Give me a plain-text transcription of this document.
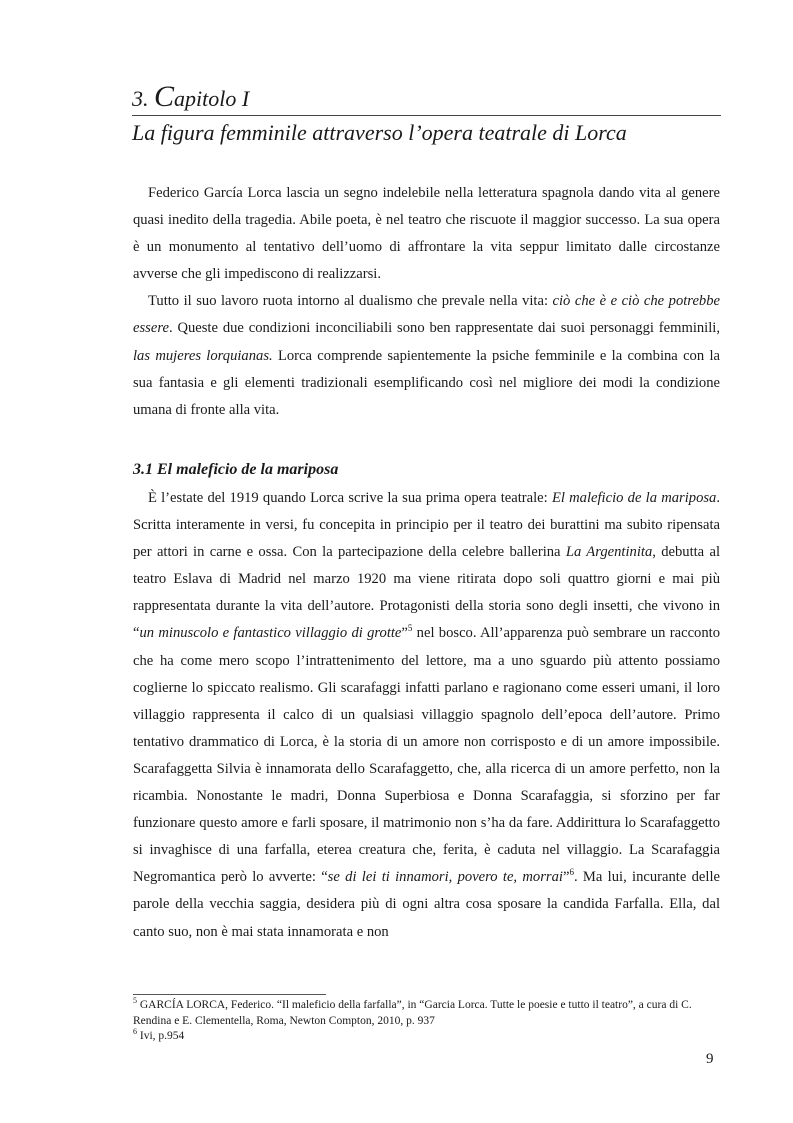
3. Capitolo I
La figura femminile attraverso l’opera teatrale di Lorca

Federico García Lorca lascia un segno indelebile nella letteratura spagnola dando vita al genere quasi inedito della tragedia. Abile poeta, è nel teatro che riscuote il maggior successo. La sua opera è un monumento al tentativo dell’uomo di affrontare la vita seppur limitato dalle circostanze avverse che gli impediscono di realizzarsi.

Tutto il suo lavoro ruota intorno al dualismo che prevale nella vita: ciò che è e ciò che potrebbe essere. Queste due condizioni inconciliabili sono ben rappresentate dai suoi personaggi femminili, las mujeres lorquianas. Lorca comprende sapientemente la psiche femminile e la combina con la sua fantasia e gli elementi tradizionali esemplificando così nel migliore dei modi la condizione umana di fronte alla vita.

3.1 El maleficio de la mariposa

È l’estate del 1919 quando Lorca scrive la sua prima opera teatrale: El maleficio de la mariposa. Scritta interamente in versi, fu concepita in principio per il teatro dei burattini ma subito ripensata per attori in carne e ossa. Con la partecipazione della celebre ballerina La Argentinita, debutta al teatro Eslava di Madrid nel marzo 1920 ma viene ritirata dopo soli quattro giorni e mai più rappresentata durante la vita dell’autore. Protagonisti della storia sono degli insetti, che vivono in “un minuscolo e fantastico villaggio di grotte”$^5$ nel bosco. All’apparenza può sembrare un racconto che ha come mero scopo l’intrattenimento del lettore, ma a uno sguardo più attento possiamo coglierne lo spiccato realismo. Gli scarafaggi infatti parlano e ragionano come esseri umani, il loro villaggio rappresenta il calco di un qualsiasi villaggio spagnolo dell’epoca dell’autore. Primo tentativo drammatico di Lorca, è la storia di un amore non corrisposto e di un amore impossibile. Scarafaggetta Silvia è innamorata dello Scarafaggetto, che, alla ricerca di un amore perfetto, non la ricambia. Nonostante le madri, Donna Superbiosa e Donna Scarafaggia, si sforzino per far funzionare questo amore e farli sposare, il matrimonio non s’ha da fare. Addirittura lo Scarafaggetto si invaghisce di una farfalla, eterea creatura che, ferita, è caduta nel villaggio. La Scarafaggia Negromantica però lo avverte: “se di lei ti innamori, povero te, morrai”$^6$. Ma lui, incurante delle parole della vecchia saggia, desidera più di ogni altra cosa sposare la candida Farfalla. Ella, dal canto suo, non è mai stata innamorata e non

$^5$ GARCÍA LORCA, Federico. “Il maleficio della farfalla”, in “Garcia Lorca. Tutte le poesie e tutto il teatro”, a cura di C. Rendina e E. Clementella, Roma, Newton Compton, 2010, p. 937

$^6$ Ivi, p.954

9
